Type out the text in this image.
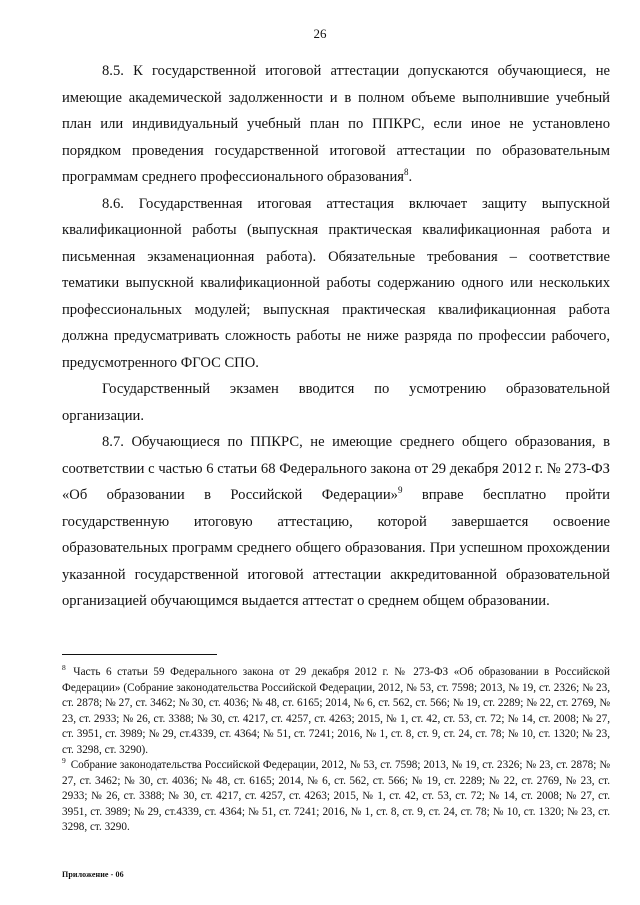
26

8.5. К государственной итоговой аттестации допускаются обучающиеся, не имеющие академической задолженности и в полном объеме выполнившие учебный план или индивидуальный учебный план по ППКРС, если иное не установлено порядком проведения государственной итоговой аттестации по образовательным программам среднего профессионального образования$^8$.

8.6. Государственная итоговая аттестация включает защиту выпускной квалификационной работы (выпускная практическая квалификационная работа и письменная экзаменационная работа). Обязательные требования – соответствие тематики выпускной квалификационной работы содержанию одного или нескольких профессиональных модулей; выпускная практическая квалификационная работа должна предусматривать сложность работы не ниже разряда по профессии рабочего, предусмотренного ФГОС СПО.

Государственный экзамен вводится по усмотрению образовательной организации.

8.7. Обучающиеся по ППКРС, не имеющие среднего общего образования, в соответствии с частью 6 статьи 68 Федерального закона от 29 декабря 2012 г. № 273-ФЗ «Об образовании в Российской Федерации»$^9$ вправе бесплатно пройти государственную итоговую аттестацию, которой завершается освоение образовательных программ среднего общего образования. При успешном прохождении указанной государственной итоговой аттестации аккредитованной образовательной организацией обучающимся выдается аттестат о среднем общем образовании.

$^8$ Часть 6 статьи 59 Федерального закона от 29 декабря 2012 г. № 273-ФЗ «Об образовании в Российской Федерации» (Собрание законодательства Российской Федерации, 2012, № 53, ст. 7598; 2013, № 19, ст. 2326; № 23, ст. 2878; № 27, ст. 3462; № 30, ст. 4036; № 48, ст. 6165; 2014, № 6, ст. 562, ст. 566; № 19, ст. 2289; № 22, ст. 2769, № 23, ст. 2933; № 26, ст. 3388; № 30, ст. 4217, ст. 4257, ст. 4263; 2015, № 1, ст. 42, ст. 53, ст. 72; № 14, ст. 2008; № 27, ст. 3951, ст. 3989; № 29, ст.4339, ст. 4364; № 51, ст. 7241; 2016, № 1, ст. 8, ст. 9, ст. 24, ст. 78; № 10, ст. 1320; № 23, ст. 3298, ст. 3290).

$^9$ Собрание законодательства Российской Федерации, 2012, № 53, ст. 7598; 2013, № 19, ст. 2326; № 23, ст. 2878; № 27, ст. 3462; № 30, ст. 4036; № 48, ст. 6165; 2014, № 6, ст. 562, ст. 566; № 19, ст. 2289; № 22, ст. 2769, № 23, ст. 2933; № 26, ст. 3388; № 30, ст. 4217, ст. 4257, ст. 4263; 2015, № 1, ст. 42, ст. 53, ст. 72; № 14, ст. 2008; № 27, ст. 3951, ст. 3989; № 29, ст.4339, ст. 4364; № 51, ст. 7241; 2016, № 1, ст. 8, ст. 9, ст. 24, ст. 78; № 10, ст. 1320; № 23, ст. 3298, ст. 3290.

Приложение - 06
